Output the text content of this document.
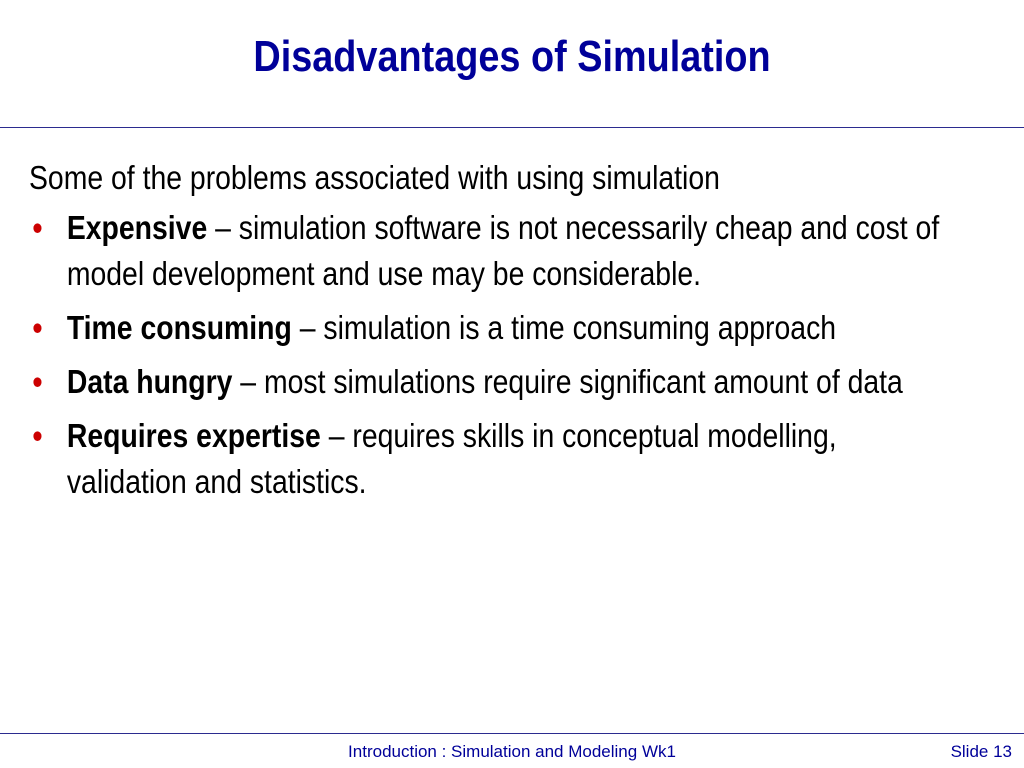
Disadvantages of Simulation

Some of the problems associated with using simulation

• Expensive – simulation software is not necessarily cheap and cost of model development and use may be considerable.
• Time consuming – simulation is a time consuming approach
• Data hungry – most simulations require significant amount of data
• Requires expertise – requires skills in conceptual modelling, validation and statistics.
Introduction : Simulation and Modeling Wk1	Slide 13
